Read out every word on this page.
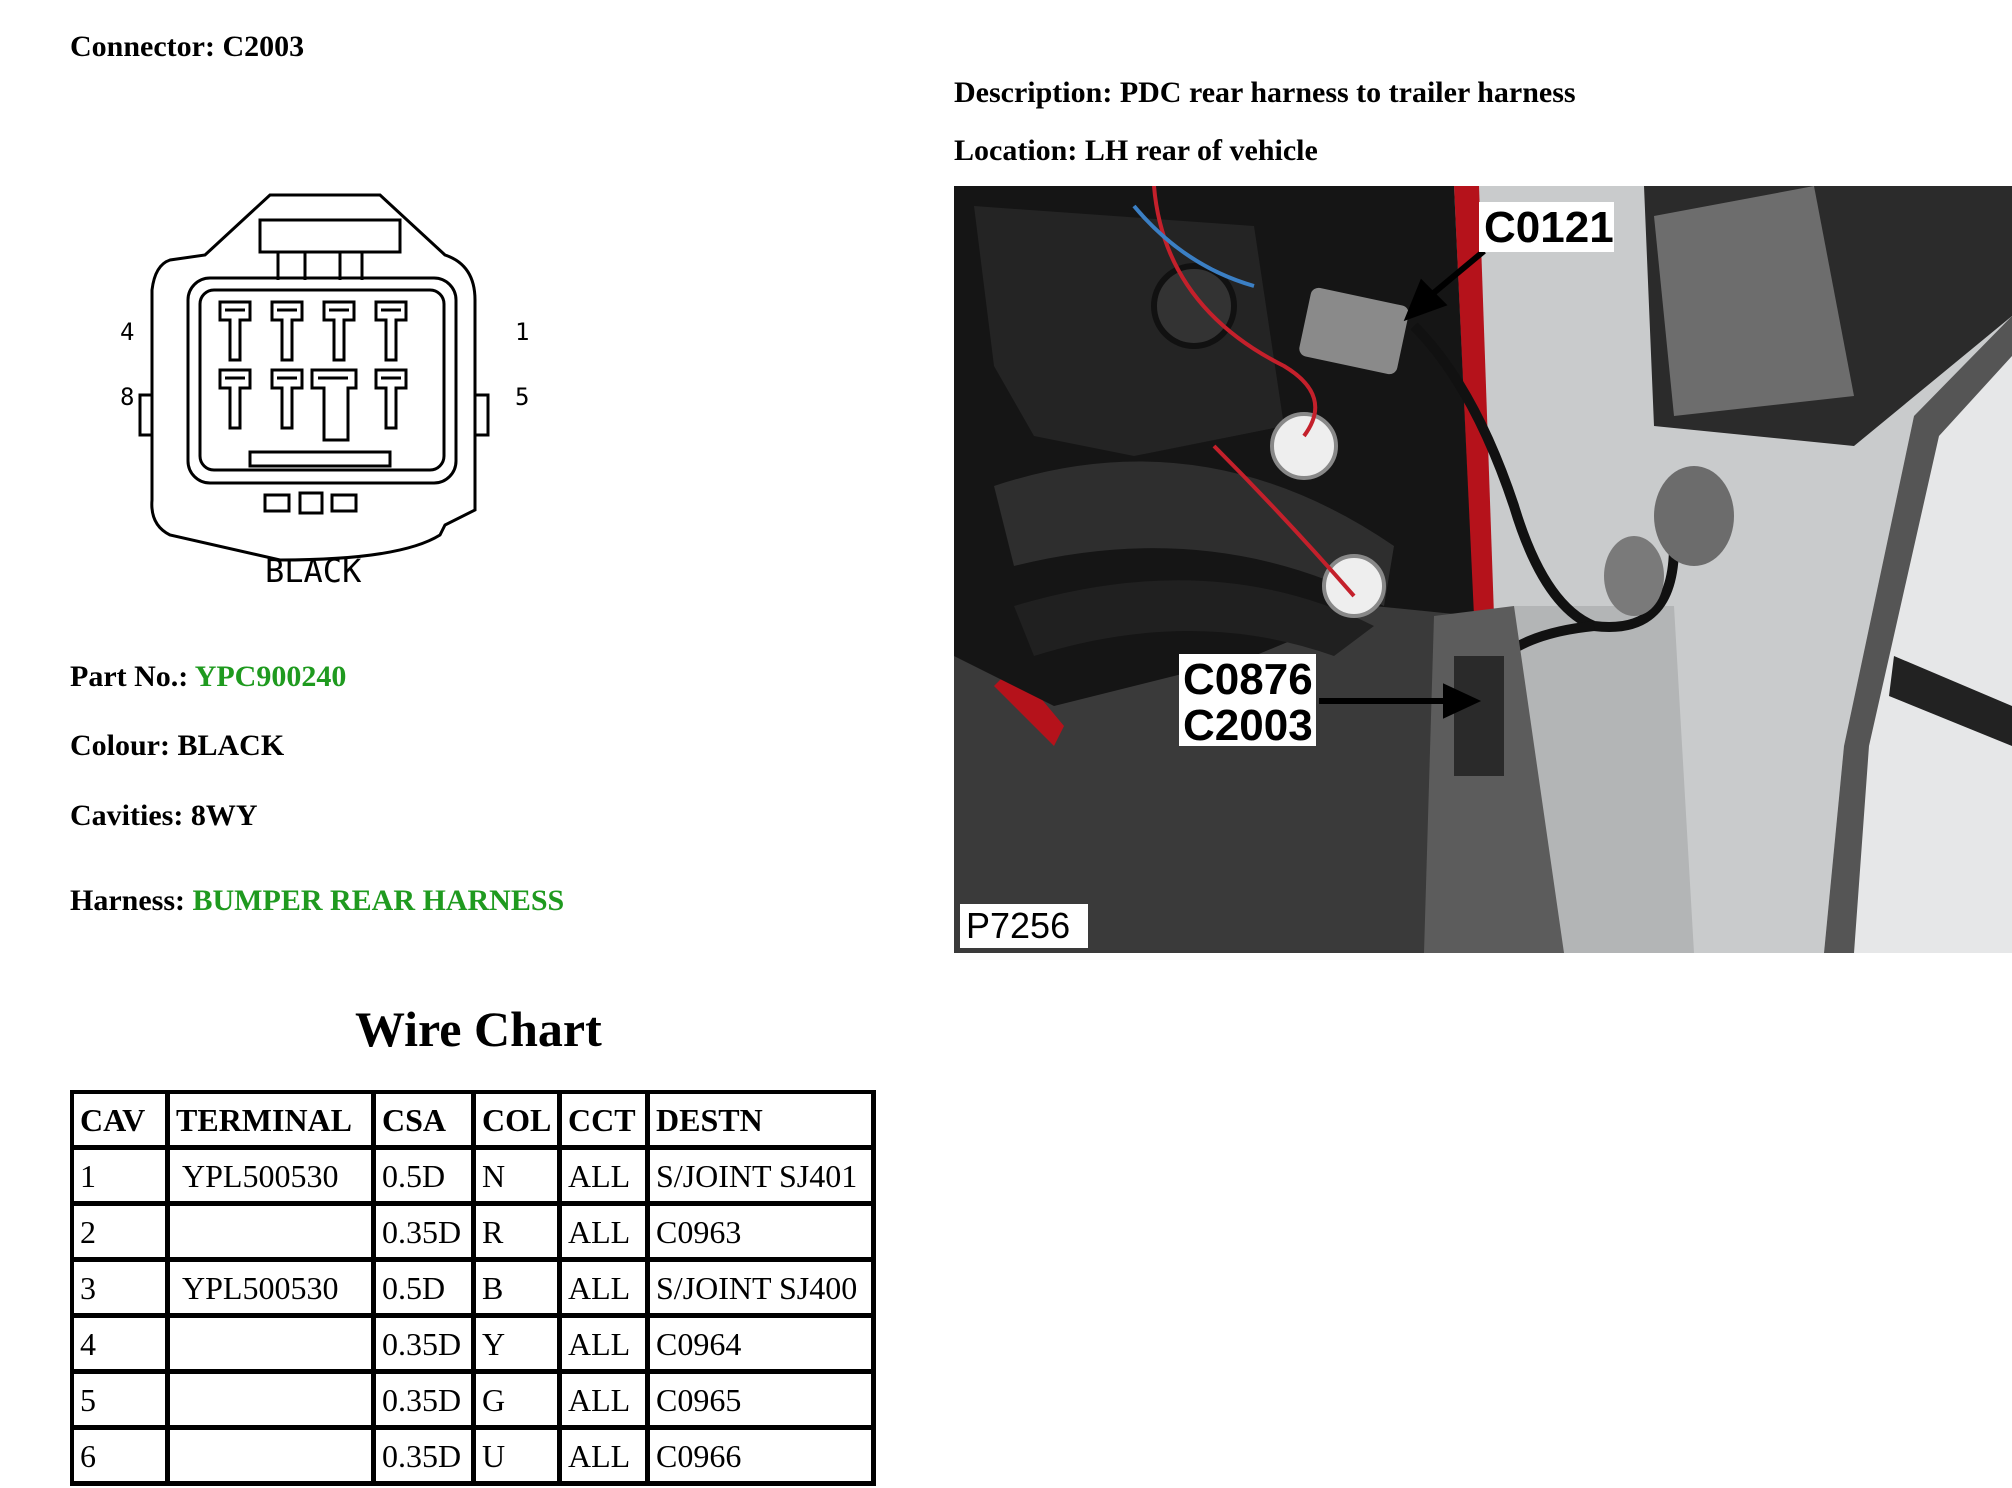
Connector: C2003
Description: PDC rear harness to trailer harness
Location: LH rear of vehicle
4	1
8	5
BLACK
Part No.: YPC900240
Colour: BLACK
Cavities: 8WY
Harness: BUMPER REAR HARNESS
C0121
C0876
C2003
P7256
Wire Chart
CAV	TERMINAL	CSA	COL	CCT	DESTN
1	YPL500530	0.5D	N	ALL	S/JOINT SJ401
2		0.35D	R	ALL	C0963
3	YPL500530	0.5D	B	ALL	S/JOINT SJ400
4		0.35D	Y	ALL	C0964
5		0.35D	G	ALL	C0965
6		0.35D	U	ALL	C0966
